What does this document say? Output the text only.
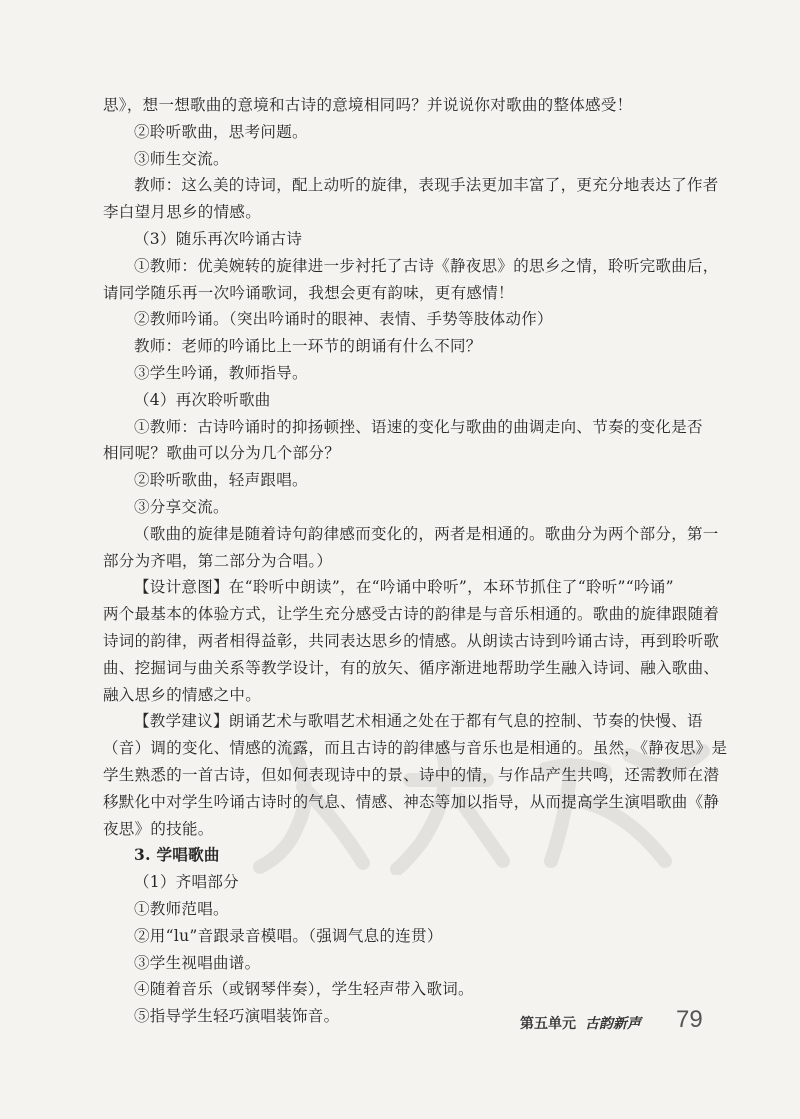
思》，想一想歌曲的意境和古诗的意境相同吗？并说说你对歌曲的整体感受！
②聆听歌曲，思考问题。
③师生交流。
教师：这么美的诗词，配上动听的旋律，表现手法更加丰富了，更充分地表达了作者
李白望月思乡的情感。
（3）随乐再次吟诵古诗
①教师：优美婉转的旋律进一步衬托了古诗《静夜思》的思乡之情，聆听完歌曲后，
请同学随乐再一次吟诵歌词，我想会更有韵味，更有感情！
②教师吟诵。（突出吟诵时的眼神、表情、手势等肢体动作）
教师：老师的吟诵比上一环节的朗诵有什么不同？
③学生吟诵，教师指导。
（4）再次聆听歌曲
①教师：古诗吟诵时的抑扬顿挫、语速的变化与歌曲的曲调走向、节奏的变化是否
相同呢？歌曲可以分为几个部分？
②聆听歌曲，轻声跟唱。
③分享交流。
（歌曲的旋律是随着诗句韵律感而变化的，两者是相通的。歌曲分为两个部分，第一
部分为齐唱，第二部分为合唱。）
【设计意图】在“聆听中朗读”，在“吟诵中聆听”，本环节抓住了“聆听”“吟诵”
两个最基本的体验方式，让学生充分感受古诗的韵律是与音乐相通的。歌曲的旋律跟随着
诗词的韵律，两者相得益彰，共同表达思乡的情感。从朗读古诗到吟诵古诗，再到聆听歌
曲、挖掘词与曲关系等教学设计，有的放矢、循序渐进地帮助学生融入诗词、融入歌曲、
融入思乡的情感之中。
【教学建议】朗诵艺术与歌唱艺术相通之处在于都有气息的控制、节奏的快慢、语
（音）调的变化、情感的流露，而且古诗的韵律感与音乐也是相通的。虽然，《静夜思》是
学生熟悉的一首古诗，但如何表现诗中的景、诗中的情，与作品产生共鸣，还需教师在潜
移默化中对学生吟诵古诗时的气息、情感、神态等加以指导，从而提高学生演唱歌曲《静
夜思》的技能。
3. 学唱歌曲
（1）齐唱部分
①教师范唱。
②用“lu”音跟录音模唱。（强调气息的连贯）
③学生视唱曲谱。
④随着音乐（或钢琴伴奏），学生轻声带入歌词。
⑤指导学生轻巧演唱装饰音。	第五单元 古韵新声 79
